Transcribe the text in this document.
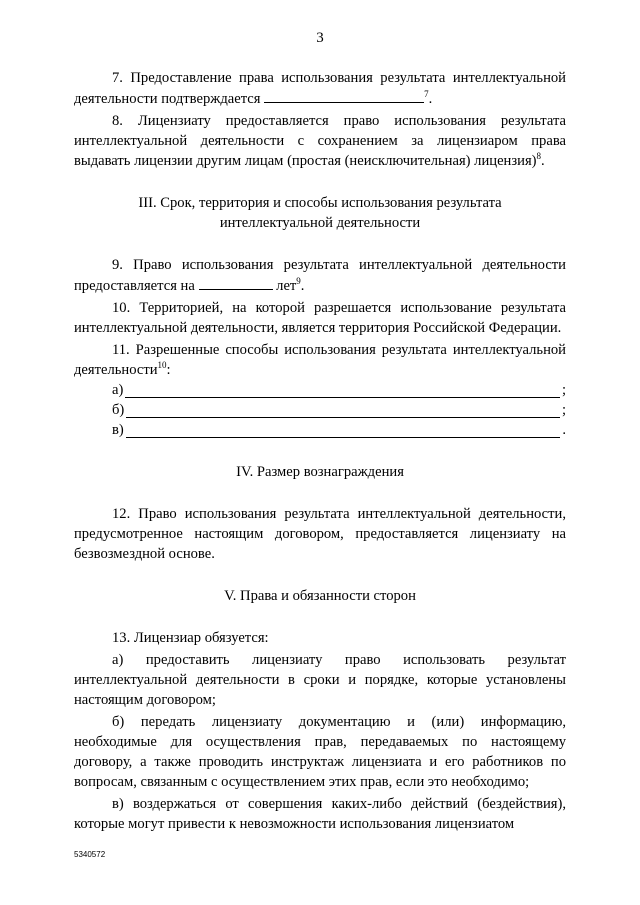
3

7. Предоставление права использования результата интеллектуальной деятельности подтверждается	$^7$.

8. Лицензиату предоставляется право использования результата интеллектуальной деятельности с сохранением за лицензиаром права выдавать лицензии другим лицам (простая (неисключительная) лицензия)$^8$.

III. Срок, территория и способы использования результата
интеллектуальной деятельности

9. Право использования результата интеллектуальной деятельности предоставляется на	лет$^9$.

10. Территорией, на которой разрешается использование результата интеллектуальной деятельности, является территория Российской Федерации.

11. Разрешенные способы использования результата интеллектуальной деятельности$^{10}$:

а)	;
б)	;
в)	.
IV. Размер вознаграждения

12. Право использования результата интеллектуальной деятельности, предусмотренное настоящим договором, предоставляется лицензиату на безвозмездной основе.

V. Права и обязанности сторон

13. Лицензиар обязуется:

а) предоставить лицензиату право использовать результат интеллектуальной деятельности в сроки и порядке, которые установлены настоящим договором;

б) передать лицензиату документацию и (или) информацию, необходимые для осуществления прав, передаваемых по настоящему договору, а также проводить инструктаж лицензиата и его работников по вопросам, связанным с осуществлением этих прав, если это необходимо;

в) воздержаться от совершения каких-либо действий (бездействия), которые могут привести к невозможности использования лицензиатом

5340572
